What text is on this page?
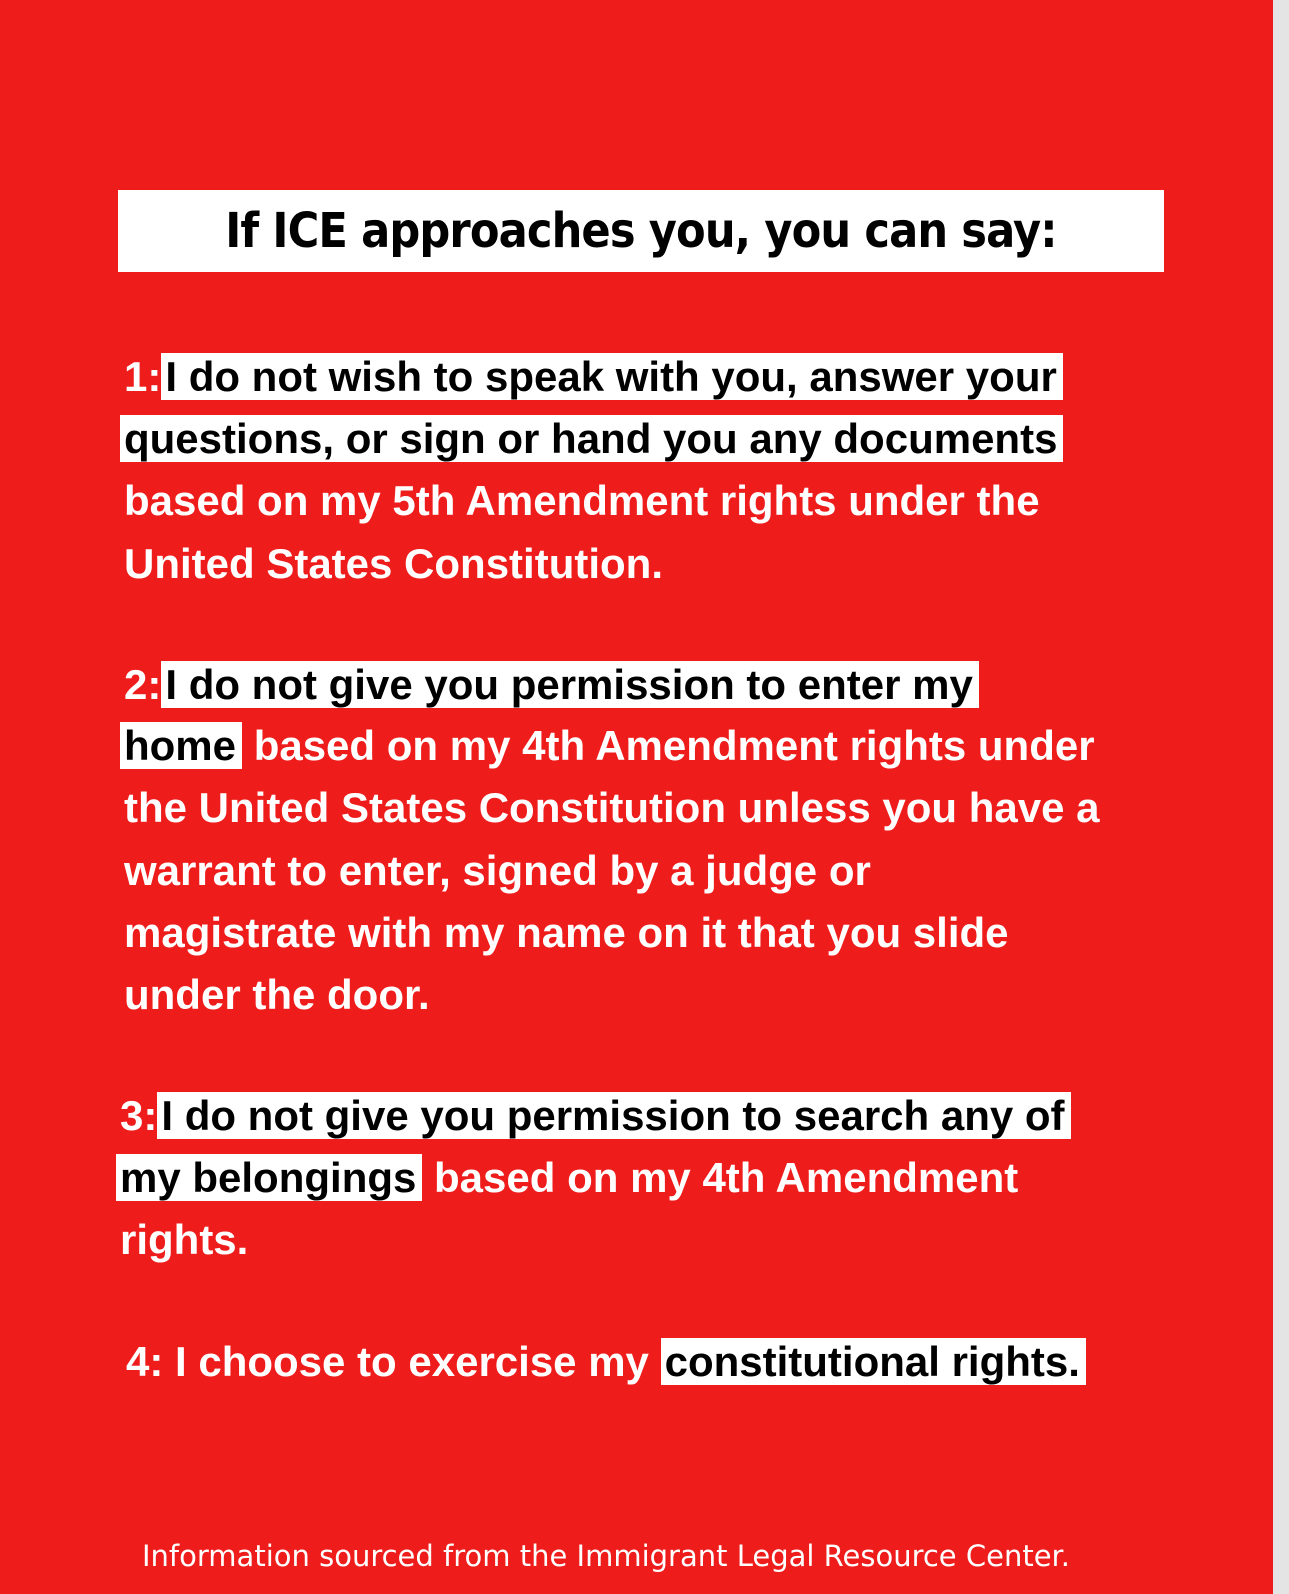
If ICE approaches you, you can say:
1:I do not wish to speak with you, answer your
questions, or sign or hand you any documents
based on my 5th Amendment rights under the
United States Constitution.
2:I do not give you permission to enter my
home based on my 4th Amendment rights under
the United States Constitution unless you have a
warrant to enter, signed by a judge or
magistrate with my name on it that you slide
under the door.
3:I do not give you permission to search any of
my belongings based on my 4th Amendment
rights.
4: I choose to exercise my constitutional rights.
Information sourced from the Immigrant Legal Resource Center.
